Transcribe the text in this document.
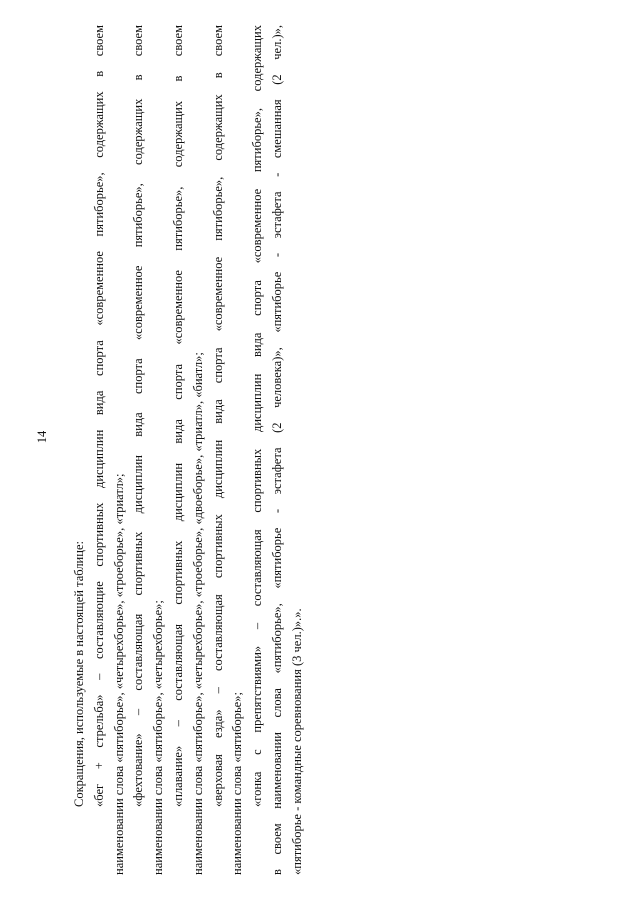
Сокращения, используемые в настоящей таблице: «бег + стрельба» – составляющие спортивных дисциплин вида спорта «современное пятиборье», содержащих в своем наименовании слова «пятиборье», «четырехборье», «троеборье», «триатл»; «фехтование» – составляющая спортивных дисциплин вида спорта «современное пятиборье», содержащих в своем наименовании слова «пятиборье», «четырехборье»; «плавание» – составляющая спортивных дисциплин вида спорта «современное пятиборье», содержащих в своем наименовании слова «пятиборье», «четырехборье», «троеборье», «двоеборье», «триатл», «биатл»; «верховая езда» – составляющая спортивных дисциплин вида спорта «современное пятиборье», содержащих в своем наименовании слова «пятиборье»; «гонка с препятствиями» – составляющая спортивных дисциплин вида спорта «современное пятиборье», содержащих в своем наименовании слова «пятиборье», «пятиборье - эстафета (2 человека)», «пятиборье - эстафета - смешанная (2 чел.)», «пятиборье - командные соревнования (3 чел.)».».
14
